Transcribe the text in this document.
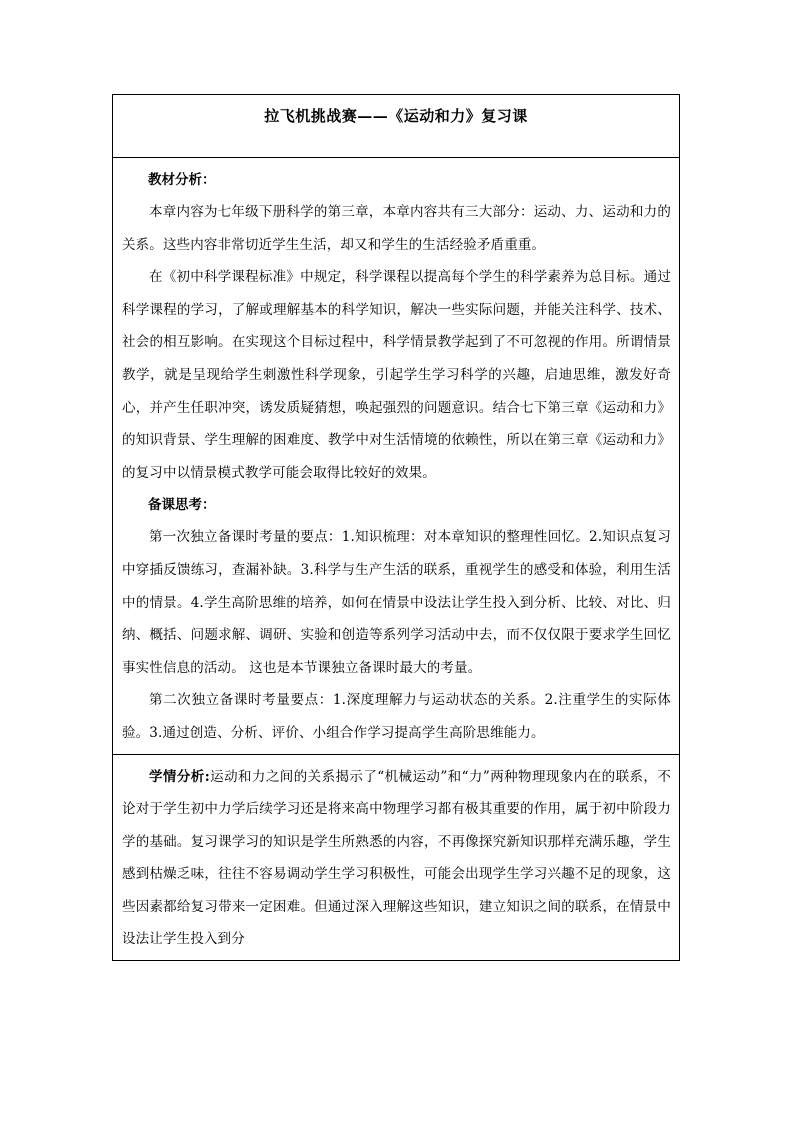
拉飞机挑战赛——《运动和力》复习课
教材分析：

本章内容为七年级下册科学的第三章，本章内容共有三大部分：运动、力、运动和力的关系。这些内容非常切近学生生活，却又和学生的生活经验矛盾重重。

在《初中科学课程标准》中规定，科学课程以提高每个学生的科学素养为总目标。通过科学课程的学习，了解或理解基本的科学知识，解决一些实际问题，并能关注科学、技术、社会的相互影响。在实现这个目标过程中，科学情景教学起到了不可忽视的作用。所谓情景教学，就是呈现给学生刺激性科学现象，引起学生学习科学的兴趣，启迪思维，激发好奇心，并产生任职冲突，诱发质疑猜想，唤起强烈的问题意识。结合七下第三章《运动和力》的知识背景、学生理解的困难度、教学中对生活情境的依赖性，所以在第三章《运动和力》的复习中以情景模式教学可能会取得比较好的效果。

备课思考：

第一次独立备课时考量的要点：1.知识梳理：对本章知识的整理性回忆。2.知识点复习中穿插反馈练习，查漏补缺。3.科学与生产生活的联系，重视学生的感受和体验，利用生活中的情景。4.学生高阶思维的培养，如何在情景中设法让学生投入到分析、比较、对比、归纳、概括、问题求解、调研、实验和创造等系列学习活动中去，而不仅仅限于要求学生回忆事实性信息的活动。 这也是本节课独立备课时最大的考量。

第二次独立备课时考量要点：1.深度理解力与运动状态的关系。2.注重学生的实际体验。3.通过创造、分析、评价、小组合作学习提高学生高阶思维能力。

学情分析:运动和力之间的关系揭示了“机械运动”和“力”两种物理现象内在的联系，不论对于学生初中力学后续学习还是将来高中物理学习都有极其重要的作用，属于初中阶段力学的基础。复习课学习的知识是学生所熟悉的内容，不再像探究新知识那样充满乐趣，学生感到枯燥乏味，往往不容易调动学生学习积极性，可能会出现学生学习兴趣不足的现象，这些因素都给复习带来一定困难。但通过深入理解这些知识，建立知识之间的联系，在情景中设法让学生投入到分
